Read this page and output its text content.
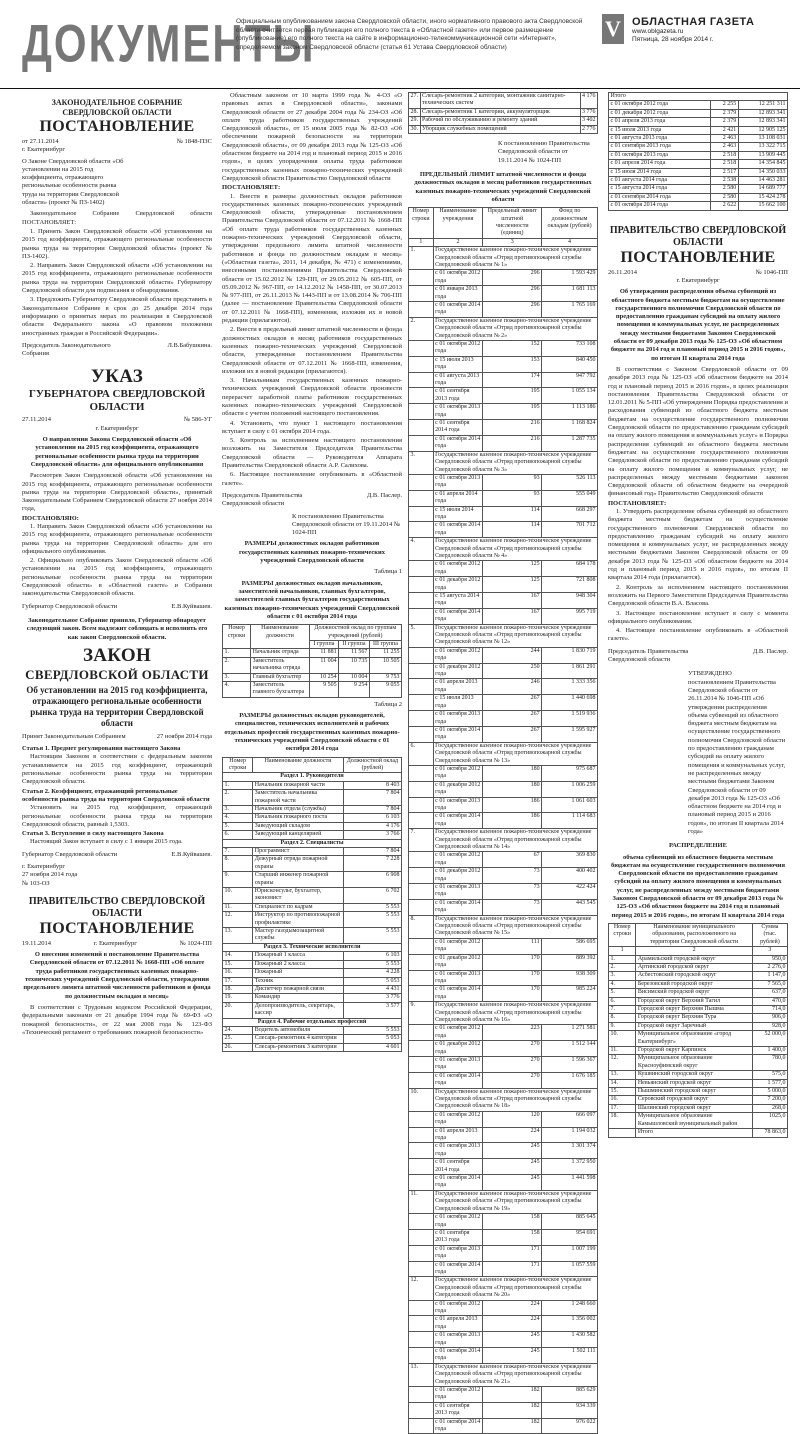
ДОКУМЕНТЫ
Официальным опубликованием закона Свердловской области, иного нормативного правового акта Свердловской области считается первая публикация его полного текста в «Областной газете» или первое размещение (опубликование) его полного текста на сайте в информационно-телекоммуникационной сети «Интернет», определяемом законом Свердловской области (статья 61 Устава Свердловской области)
V ОБЛАСТНАЯ ГАЗЕТА
www.oblgazeta.ru
Пятница, 28 ноября 2014 г.
ЗАКОНОДАТЕЛЬНОЕ СОБРАНИЕ СВЕРДЛОВСКОЙ ОБЛАСТИ
ПОСТАНОВЛЕНИЕ
от 27.11.2014	№ 1848-ПЗС
г. Екатеринбург
О Законе Свердловской области «Об установлении на 2015 год коэффициента, отражающего региональные особенности рынка труда на территории Свердловской области» (проект № ПЗ-1402)

Законодательное Собрание Свердловской области ПОСТАНОВЛЯЕТ:

1. Принять Закон Свердловской области «Об установлении на 2015 год коэффициента, отражающего региональные особенности рынка труда на территории Свердловской области» (проект № ПЗ-1402).

2. Направить Закон Свердловской области «Об установлении на 2015 год коэффициента, отражающего региональные особенности рынка труда на территории Свердловской области» Губернатору Свердловской области для подписания и обнародования.

3. Предложить Губернатору Свердловской области представить в Законодательное Собрание в срок до 25 декабря 2014 года информацию о принятых мерах по реализации в Свердловской области Федерального закона «О правовом положении иностранных граждан в Российской Федерации».

Председатель Законодательного Собрания
Л.В.Бабушкина.
УКАЗ
ГУБЕРНАТОРА СВЕРДЛОВСКОЙ ОБЛАСТИ
27.11.2014	№ 586-УГ
г. Екатеринбург
О направлении Закона Свердловской области «Об установлении на 2015 год коэффициента, отражающего региональные особенности рынка труда на территории Свердловской области» для официального опубликования

Рассмотрев Закон Свердловской области «Об установлении на 2015 год коэффициента, отражающего региональные особенности рынка труда на территории Свердловской области», принятый Законодательным Собранием Свердловской области 27 ноября 2014 года,

ПОСТАНОВЛЯЮ:

1. Направить Закон Свердловской области «Об установлении на 2015 год коэффициента, отражающего региональные особенности рынка труда на территории Свердловской области» для его официального опубликования.

2. Официально опубликовать Закон Свердловской области «Об установлении на 2015 год коэффициента, отражающего региональные особенности рынка труда на территории Свердловской области» в «Областной газете» и Собрании законодательства Свердловской области.

Губернатор Свердловской области	Е.В.Куйвашев.
Законодательное Собрание приняло, Губернатор обнародует следующий закон. Всем надлежит соблюдать и исполнять его как закон Свердловской области.
ЗАКОН
СВЕРДЛОВСКОЙ ОБЛАСТИ
Об установлении на 2015 год коэффициента, отражающего региональные особенности рынка труда на территории Свердловской области
Принят Законодательным Собранием	27 ноября 2014 года
Статья 1. Предмет регулирования настоящего Закона

Настоящим Законом в соответствии с федеральным законом устанавливается на 2015 год коэффициент, отражающий региональные особенности рынка труда на территории Свердловской области.

Статья 2. Коэффициент, отражающий региональные особенности рынка труда на территории Свердловской области

Установить на 2015 год коэффициент, отражающий региональные особенности рынка труда на территории Свердловской области, равный 1,5303.

Статья 3. Вступление в силу настоящего Закона

Настоящий Закон вступает в силу с 1 января 2015 года.

Губернатор Свердловской области	Е.В.Куйвашев.
г. Екатеринбург
27 ноября 2014 года
№ 103-ОЗ
ПРАВИТЕЛЬСТВО СВЕРДЛОВСКОЙ ОБЛАСТИ
ПОСТАНОВЛЕНИЕ
19.11.2014	г. Екатеринбург	№ 1024-ПП
О внесении изменений в постановление Правительства Свердловской области от 07.12.2011 № 1668-ПП «Об оплате труда работников государственных казенных пожарно-технических учреждений Свердловской области, утверждении предельного лимита штатной численности работников и фонда по должностным окладам в месяц»

В соответствии с Трудовым кодексом Российской Федерации, федеральными законами от 21 декабря 1994 года № 69-ФЗ «О пожарной безопасности», от 22 мая 2008 года № 123-ФЗ «Технический регламент о требованиях пожарной безопасности»

Областным законом от 10 марта 1999 года № 4-ОЗ «О правовых актах в Свердловской области», законами Свердловской области от 27 декабря 2004 года № 234-ОЗ «Об оплате труда работников государственных учреждений Свердловской области», от 15 июля 2005 года № 82-ОЗ «Об обеспечении пожарной безопасности на территории Свердловской области», от 09 декабря 2013 года № 125-ОЗ «Об областном бюджете на 2014 год и плановый период 2015 и 2016 годов», в целях упорядочения оплаты труда работников государственных казенных пожарно-технических учреждений Свердловской области Правительство Свердловской области

ПОСТАНОВЛЯЕТ:

1. Внести в размеры должностных окладов работников государственных казенных пожарно-технических учреждений Свердловской области, утвержденные постановлением Правительства Свердловской области от 07.12.2011 № 1668-ПП «Об оплате труда работников государственных казенных пожарно-технических учреждений Свердловской области, утверждении предельного лимита штатной численности работников и фонда по должностным окладам в месяц» («Областная газета», 2011, 14 декабря, № 471) с изменениями, внесенными постановлениями Правительства Свердловской области от 15.02.2012 № 129-ПП, от 29.05.2012 № 605-ПП, от 05.09.2012 № 967-ПП, от 14.12.2012 № 1458-ПП, от 30.07.2013 № 977-ПП, от 26.11.2013 № 1443-ПП и от 13.08.2014 № 706-ПП (далее — постановление Правительства Свердловской области от 07.12.2011 № 1668-ПП), изменения, изложив их в новой редакции (прилагаются).

2. Внести в предельный лимит штатной численности и фонда должностных окладов в месяц работников государственных казенных пожарно-технических учреждений Свердловской области, утвержденные постановлением Правительства Свердловской области от 07.12.2011 № 1668-ПП, изменения, изложив их в новой редакции (прилагаются).

3. Начальникам государственных казенных пожарно-технических учреждений Свердловской области произвести перерасчет заработной платы работников государственных казенных пожарно-технических учреждений Свердловской области с учетом положений настоящего постановления.

4. Установить, что пункт 1 настоящего постановления вступает в силу с 01 октября 2014 года.

5. Контроль за исполнением настоящего постановления возложить на Заместителя Председателя Правительства Свердловской области — Руководителя Аппарата Правительства Свердловской области А.Р. Салихова.

6. Настоящее постановление опубликовать в «Областной газете».

Председатель Правительства Свердловской области
Д.В. Паслер.
К постановлению Правительства Свердловской области от 19.11.2014 № 1024-ПП
РАЗМЕРЫ должностных окладов работников государственных казенных пожарно-технических учреждений Свердловской области
Таблица 1
РАЗМЕРЫ должностных окладов начальников, заместителей начальников, главных бухгалтеров, заместителей главных бухгалтеров государственных казенных пожарно-технических учреждений Свердловской области с 01 октября 2014 года
Номер строки	Наименование должности	Должностной оклад по группам учреждений (рублей)		
		I группа	II группа	III группа
1.	Начальник отряда	11 881	11 567	11 255
2.	Заместитель начальника отряда	11 004	10 735	10 505
3.	Главный бухгалтер	10 254	10 004	9 753
4.	Заместитель главного бухгалтера	9 505	9 254	9 055
Таблица 2
РАЗМЕРЫ должностных окладов руководителей, специалистов, технических исполнителей и рабочих отдельных профессий государственных казенных пожарно-технических учреждений Свердловской области с 01 октября 2014 года
Номер строки	Наименование должности	Должностной оклад (рублей)
Раздел 1. Руководители		
1.	Начальник пожарной части	8 403
2.	Заместитель начальника пожарной части	7 804
3.	Начальник отдела (службы)	7 804
4.	Начальник пожарного поста	6 103
5.	Заведующий складом	4 176
6.	Заведующий канцелярией	3 766
Раздел 2. Специалисты		
7.	Программист	7 804
8.	Дежурный отряда пожарной охраны	7 228
9.	Старший инженер пожарной охраны	6 908
10.	Юрисконсульт, бухгалтер, экономист	6 702
11.	Специалист по кадрам	5 553
12.	Инструктор по противопожарной профилактике	5 553
13.	Мастер газодымозащитной службы	5 553
Раздел 3. Технические исполнители		
14.	Пожарный 1 класса	6 103
15.	Пожарный 2 класса	5 553
16.	Пожарный	4 228
17.	Техник	5 053
18.	Диспетчер пожарной связи	4 431
19.	Командир	3 776
20.	Делопроизводитель, секретарь, кассир	3 577
Раздел 4. Рабочие отдельных профессий		
24.	Водитель автомобиля	5 553
25.	Слесарь-ремонтник 4 категории	5 053
26.	Слесарь-ремонтник 3 категории	4 601
27.	Слесарь-ремонтник 2 категории, монтажник санитарно-технических систем	4 176
28.	Слесарь-ремонтник 1 категории, аккумуляторщик	3 776
29.	Рабочий по обслуживанию и ремонту зданий	3 402
30.	Уборщик служебных помещений	2 776
К постановлению Правительства Свердловской области от 19.11.2014 № 1024-ПП
ПРЕДЕЛЬНЫЙ ЛИМИТ штатной численности и фонда должностных окладов в месяц работников государственных казенных пожарно-технических учреждений Свердловской области
Номер строки	Наименование учреждения	Предельный лимит штатной численности (единиц)	Фонд по должностным окладам (рублей)
1	2	3	4
1.	Государственное казенное пожарно-техническое учреждение Свердловской области «Отряд противопожарной службы Свердловской области № 1»		
	с 01 октября 2012 года	296	1 593 429
	с 01 января 2013 года	296	1 681 113
	с 01 октября 2014 года	296	1 765 169
2.	Государственное казенное пожарно-техническое учреждение Свердловской области «Отряд противопожарной службы Свердловской области № 2»		
	с 01 октября 2012 года	152	733 108
	с 15 июля 2013 года	153	840 450
	с 01 августа 2013 года	174	947 792
	с 01 сентября 2013 года	195	1 055 134
	с 01 октября 2013 года	195	1 113 186
	с 01 сентября 2014 года	216	1 168 824
	с 01 октября 2014 года	216	1 287 735
3.	Государственное казенное пожарно-техническое учреждение Свердловской области «Отряд противопожарной службы Свердловской области № 3»		
	с 01 октября 2013 года	93	526 113
	с 01 апреля 2014 года	93	555 049
	с 15 июля 2014 года	114	668 297
	с 01 октября 2014 года	114	701 712
4.	Государственное казенное пожарно-техническое учреждение Свердловской области «Отряд противопожарной службы Свердловской области № 4»		
	с 01 октября 2012 года	125	684 178
	с 01 декабря 2012 года	125	721 808
	с 15 августа 2014 года	167	948 304
	с 01 октября 2014 года	167	995 719
5.	Государственное казенное пожарно-техническое учреждение Свердловской области «Отряд противопожарной службы Свердловской области № 12»		
	с 01 октября 2012 года	244	1 830 719
	с 01 декабря 2012 года	250	1 861 291
	с 01 апреля 2013 года	246	1 333 356
	с 15 июля 2013 года	267	1 440 698
	с 01 октября 2013 года	267	1 519 936
	с 01 октября 2014 года	267	1 595 927
6.	Государственное казенное пожарно-техническое учреждение Свердловской области «Отряд противопожарной службы Свердловской области № 13»		
	с 01 октября 2012 года	180	975 687
	с 01 декабря 2012 года	180	1 006 259
	с 01 октября 2013 года	186	1 061 603
	с 01 октября 2014 года	186	1 114 683
7.	Государственное казенное пожарно-техническое учреждение Свердловской области «Отряд противопожарной службы Свердловской области № 14»		
	с 01 октября 2012 года	67	369 830
	с 01 декабря 2012 года	73	400 402
	с 01 октября 2013 года	73	422 424
	с 01 октября 2014 года	73	443 545
8.	Государственное казенное пожарно-техническое учреждение Свердловской области «Отряд противопожарной службы Свердловской области № 15»		
	с 01 октября 2012 года	111	586 695
	с 01 декабря 2012 года	170	889 392
	с 01 октября 2013 года	170	938 309
	с 01 октября 2014 года	170	985 224
9.	Государственное казенное пожарно-техническое учреждение Свердловской области «Отряд противопожарной службы Свердловской области № 16»		
	с 01 октября 2012 года	223	1 271 581
	с 01 декабря 2012 года	270	1 512 144
	с 01 октября 2013 года	270	1 596 367
	с 01 октября 2014 года	270	1 676 185
10.	Государственное казенное пожарно-техническое учреждение Свердловской области «Отряд противопожарной службы Свердловской области № 18»		
	с 01 октября 2012 года	120	666 097
	с 01 апреля 2013 года	224	1 194 032
	с 01 октября 2013 года	245	1 301 374
	с 01 сентября 2014 года	245	1 372 950
	с 01 октября 2014 года	245	1 441 598
11.	Государственное казенное пожарно-техническое учреждение Свердловской области «Отряд противопожарной службы Свердловской области № 19»		
	с 01 октября 2012 года	158	885 645
	с 01 сентября 2013 года	158	954 691
	с 01 октября 2013 года	171	1 007 199
	с 01 октября 2014 года	171	1 057 559
12.	Государственное казенное пожарно-техническое учреждение Свердловской области «Отряд противопожарной службы Свердловской области № 20»		
	с 01 октября 2012 года	224	1 248 660
	с 01 апреля 2013 года	224	1 356 002
	с 01 октября 2013 года	245	1 430 582
	с 01 октября 2014 года	245	1 502 111
13.	Государственное казенное пожарно-техническое учреждение Свердловской области «Отряд противопожарной службы Свердловской области № 21»		
	с 01 октября 2012 года	182	885 629
	с 01 сентября 2013 года	182	934 339
	с 01 октября 2014 года	182	976 022
Итого		
с 01 октября 2012 года	2 255	12 251 311
с 01 декабря 2012 года	2 379	12 893 341
с 01 апреля 2013 года	2 379	12 893 341
с 15 июля 2013 года	2 421	12 905 125
с 01 августа 2013 года	2 463	13 108 031
с 01 сентября 2013 года	2 463	13 322 715
с 01 октября 2013 года	2 518	13 909 445
с 01 апреля 2014 года	2 518	14 354 845
с 15 июля 2014 года	2 517	14 350 033
с 01 августа 2014 года	2 538	14 463 281
с 15 августа 2014 года	2 580	14 689 777
с 01 сентября 2014 года	2 580	15 424 278
с 01 октября 2014 года	2 622	15 662 100
ПРАВИТЕЛЬСТВО СВЕРДЛОВСКОЙ ОБЛАСТИ
ПОСТАНОВЛЕНИЕ
26.11.2014	№ 1046-ПП
г. Екатеринбург
Об утверждении распределения объема субвенций из областного бюджета местным бюджетам на осуществление государственного полномочия Свердловской области по предоставлению гражданам субсидий на оплату жилого помещения и коммунальных услуг, не распределенных между местными бюджетами Законом Свердловской области от 09 декабря 2013 года № 125-ОЗ «Об областном бюджете на 2014 год и плановый период 2015 и 2016 годов», по итогам II квартала 2014 года

В соответствии с Законом Свердловской области от 09 декабря 2013 года № 125-ОЗ «Об областном бюджете на 2014 год и плановый период 2015 и 2016 годов», в целях реализации постановления Правительства Свердловской области от 12.01.2011 № 5-ПП «Об утверждении Порядка предоставления и расходования субвенций из областного бюджета местным бюджетам на осуществление государственного полномочия Свердловской области по предоставлению гражданам субсидий на оплату жилого помещения и коммунальных услуг» и Порядка распределения субвенций из областного бюджета местным бюджетам на осуществление государственного полномочия Свердловской области по предоставлению гражданам субсидий на оплату жилого помещения и коммунальных услуг, не распределенных между местными бюджетами законом Свердловской области об областном бюджете на очередной финансовый год» Правительство Свердловской области

ПОСТАНОВЛЯЕТ:

1. Утвердить распределение объема субвенций из областного бюджета местным бюджетам на осуществление государственного полномочия Свердловской области по предоставлению гражданам субсидий на оплату жилого помещения и коммунальных услуг, не распределенных между местными бюджетами Законом Свердловской области от 09 декабря 2013 года № 125-ОЗ «Об областном бюджете на 2014 год и плановый период 2015 и 2016 годов», по итогам II квартала 2014 года (прилагается).

2. Контроль за исполнением настоящего постановления возложить на Первого Заместителя Председателя Правительства Свердловской области В.А. Власова.

3. Настоящее постановление вступает в силу с момента официального опубликования.

4. Настоящее постановление опубликовать в «Областной газете».

Председатель Правительства Свердловской области
Д.В. Паслер.
УТВЕРЖДЕНО
постановлением Правительства Свердловской области от 26.11.2014 № 1046-ПП «Об утверждении распределения объема субвенций из областного бюджета местным бюджетам на осуществление государственного полномочия Свердловской области по предоставлению гражданам субсидий на оплату жилого помещения и коммунальных услуг, не распределенных между местными бюджетами Законом Свердловской области от 09 декабря 2013 года № 125-ОЗ «Об областном бюджете на 2014 год и плановый период 2015 и 2016 годов», по итогам II квартала 2014 года»
РАСПРЕДЕЛЕНИЕ
объема субвенций из областного бюджета местным бюджетам на осуществление государственного полномочия Свердловской области по предоставлению гражданам субсидий на оплату жилого помещения и коммунальных услуг, не распределенных между местными бюджетами Законом Свердловской области от 09 декабря 2013 года № 125-ОЗ «Об областном бюджете на 2014 год и плановый период 2015 и 2016 годов», по итогам II квартала 2014 года
Номер строки	Наименование муниципального образования, расположенного на территории Свердловской области	Сумма (тыс. рублей)
1	2	3
1.	Арамильский городской округ	950,0
2.	Артинский городской округ	2 276,0
3.	Асбестовский городской округ	1 147,0
4.	Березовский городской округ	7 565,0
5.	Висимский городской округ	637,0
6.	Городской округ Верхний Тагил	470,0
7.	Городской округ Верхняя Пышма	714,0
8.	Городской округ Верхняя Тура	906,0
9.	Городской округ Заречный	928,0
10.	Муниципальное образование «город Екатеринбург»	52 000,0
11.	Городской округ Карпинск	1 400,0
12.	Муниципальное образование Красноуфимский округ	780,0
13.	Кушвинский городской округ	575,0
14.	Невьянский городской округ	1 577,0
15.	Пышминский городской округ	5 000,0
16.	Серовский городской округ	7 200,0
17.	Шалинский городской округ	268,0
18.	Муниципальное образование Камышловский муниципальный район	1025,0
	Итого	78 863,0
